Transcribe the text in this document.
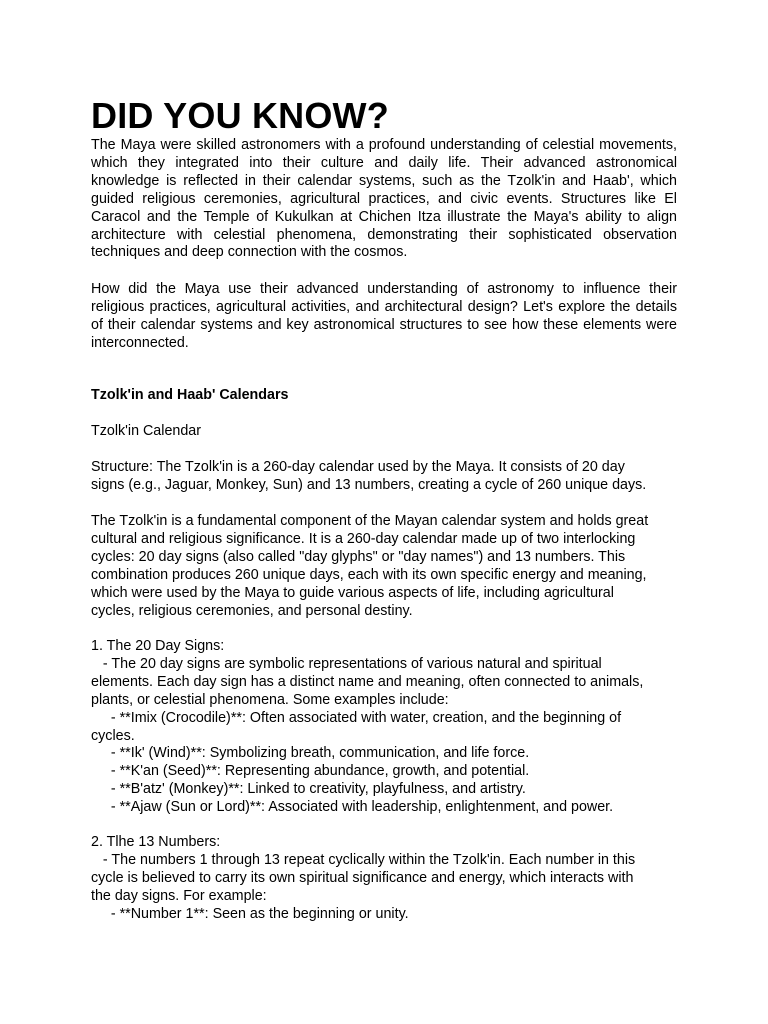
DID YOU KNOW?

The Maya were skilled astronomers with a profound understanding of celestial movements, which they integrated into their culture and daily life. Their advanced astronomical knowledge is reflected in their calendar systems, such as the Tzolk'in and Haab', which guided religious ceremonies, agricultural practices, and civic events. Structures like El Caracol and the Temple of Kukulkan at Chichen Itza illustrate the Maya's ability to align architecture with celestial phenomena, demonstrating their sophisticated observation techniques and deep connection with the cosmos.

How did the Maya use their advanced understanding of astronomy to influence their religious practices, agricultural activities, and architectural design? Let's explore the details of their calendar systems and key astronomical structures to see how these elements were interconnected.

Tzolk'in and Haab' Calendars

Tzolk'in Calendar

Structure: The Tzolk'in is a 260-day calendar used by the Maya. It consists of 20 day
signs (e.g., Jaguar, Monkey, Sun) and 13 numbers, creating a cycle of 260 unique days.
The Tzolk'in is a fundamental component of the Mayan calendar system and holds great
cultural and religious significance. It is a 260-day calendar made up of two interlocking
cycles: 20 day signs (also called "day glyphs" or "day names") and 13 numbers. This
combination produces 260 unique days, each with its own specific energy and meaning,
which were used by the Maya to guide various aspects of life, including agricultural
cycles, religious ceremonies, and personal destiny.
1. The 20 Day Signs:
- The 20 day signs are symbolic representations of various natural and spiritual
elements. Each day sign has a distinct name and meaning, often connected to animals,
plants, or celestial phenomena. Some examples include:
- **Imix (Crocodile)**: Often associated with water, creation, and the beginning of
cycles.
- **Ik' (Wind)**: Symbolizing breath, communication, and life force.
- **K'an (Seed)**: Representing abundance, growth, and potential.
- **B'atz' (Monkey)**: Linked to creativity, playfulness, and artistry.
- **Ajaw (Sun or Lord)**: Associated with leadership, enlightenment, and power.
2. Tlhe 13 Numbers:
- The numbers 1 through 13 repeat cyclically within the Tzolk'in. Each number in this
cycle is believed to carry its own spiritual significance and energy, which interacts with
the day signs. For example:
- **Number 1**: Seen as the beginning or unity.
